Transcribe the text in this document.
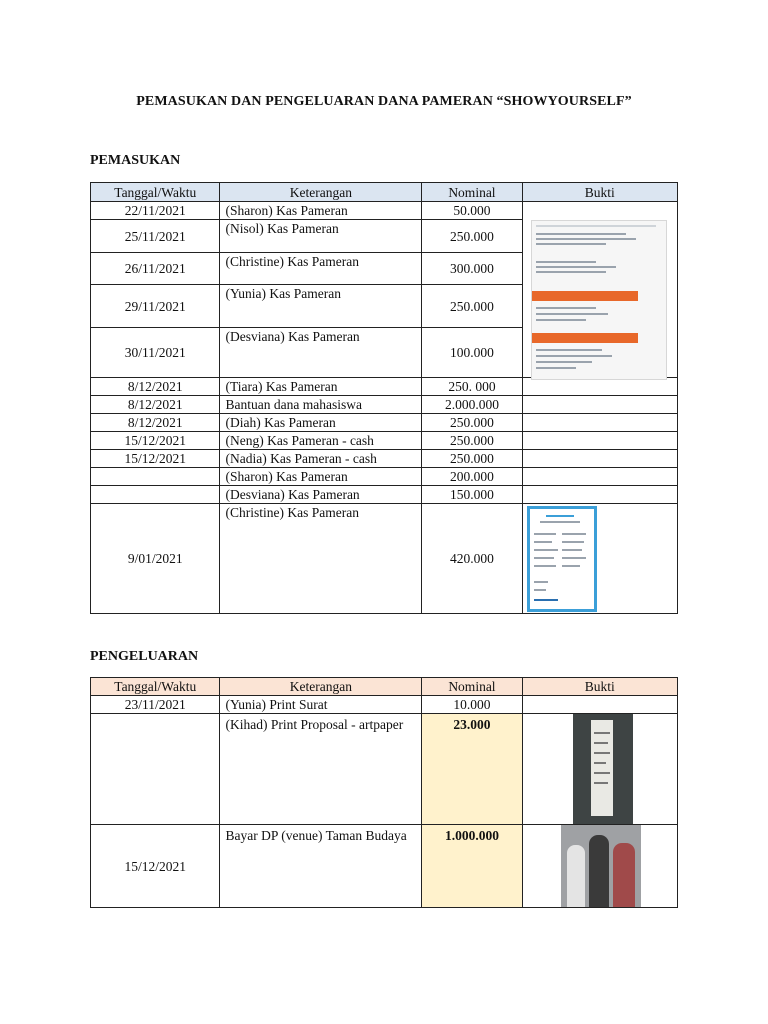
PEMASUKAN DAN PENGELUARAN DANA PAMERAN “SHOWYOURSELF”
PEMASUKAN
Tanggal/Waktu	Keterangan	Nominal	Bukti
22/11/2021	(Sharon) Kas Pameran	50.000	
25/11/2021	(Nisol) Kas Pameran	250.000	

26/11/2021	(Christine) Kas Pameran	300.000	
29/11/2021	(Yunia) Kas Pameran	250.000	
30/11/2021	(Desviana) Kas Pameran	100.000	
8/12/2021	(Tiara) Kas Pameran	250. 000	
8/12/2021	Bantuan dana mahasiswa	2.000.000	
8/12/2021	(Diah) Kas Pameran	250.000	
15/12/2021	(Neng) Kas Pameran - cash	250.000	
15/12/2021	(Nadia) Kas Pameran - cash	250.000	
	(Sharon) Kas Pameran	200.000	
	(Desviana) Kas Pameran	150.000	
9/01/2021	(Christine) Kas Pameran	420.000	
PENGELUARAN
Tanggal/Waktu	Keterangan	Nominal	Bukti
23/11/2021	(Yunia) Print Surat	10.000	
	(Kihad) Print Proposal - artpaper	23.000	

15/12/2021	Bayar DP (venue) Taman Budaya	1.000.000	
